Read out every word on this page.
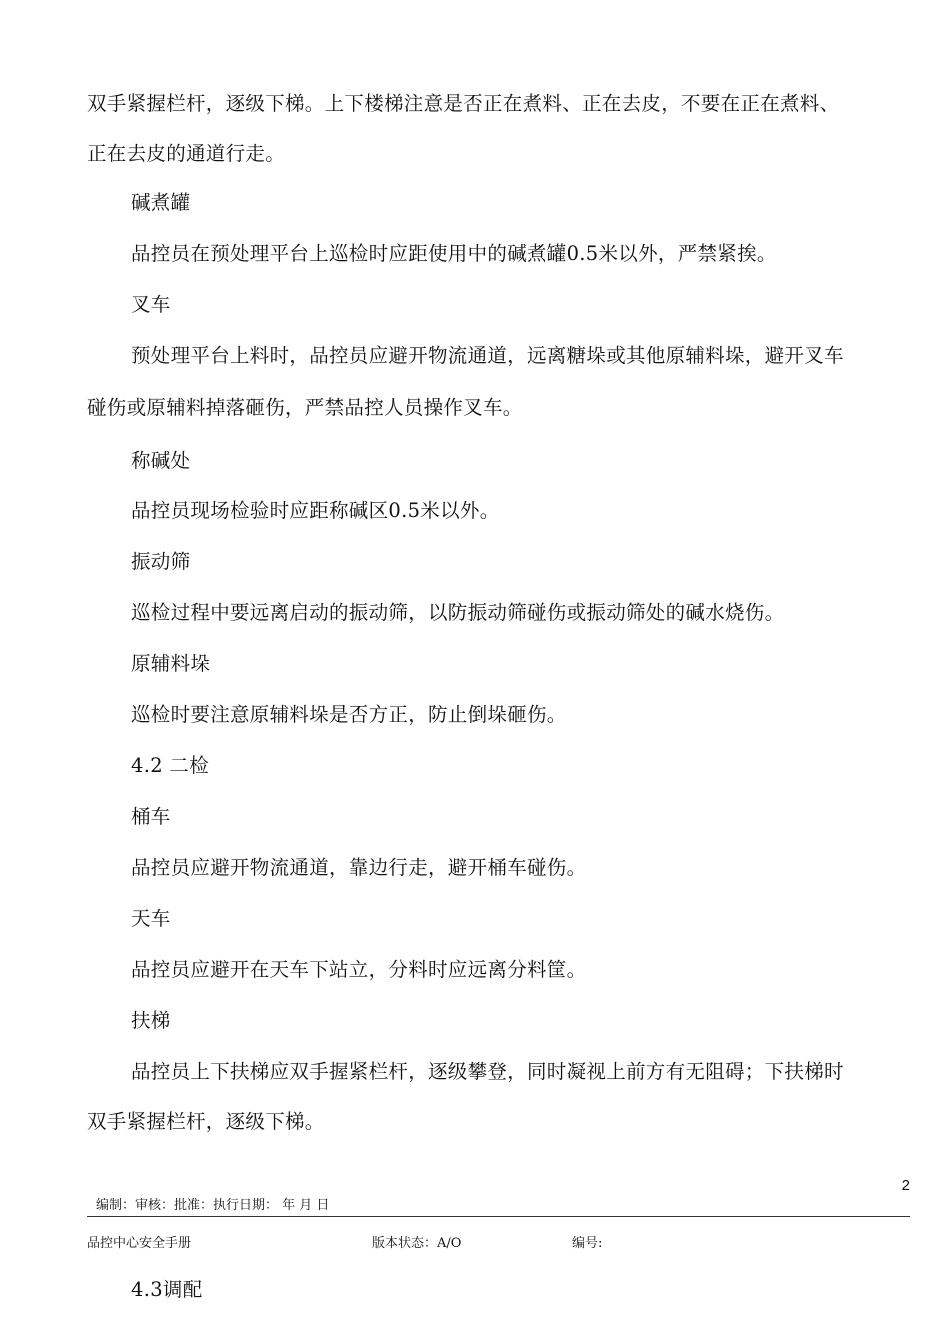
双手紧握栏杆，逐级下梯。上下楼梯注意是否正在煮料、正在去皮，不要在正在煮料、
正在去皮的通道行走。
碱煮罐
品控员在预处理平台上巡检时应距使用中的碱煮罐0.5米以外，严禁紧挨。
叉车
预处理平台上料时，品控员应避开物流通道，远离糖垛或其他原辅料垛，避开叉车
碰伤或原辅料掉落砸伤，严禁品控人员操作叉车。
称碱处
品控员现场检验时应距称碱区0.5米以外。
振动筛
巡检过程中要远离启动的振动筛，以防振动筛碰伤或振动筛处的碱水烧伤。
原辅料垛
巡检时要注意原辅料垛是否方正，防止倒垛砸伤。
4.2 二检
桶车
品控员应避开物流通道，靠边行走，避开桶车碰伤。
天车
品控员应避开在天车下站立，分料时应远离分料筐。
扶梯
品控员上下扶梯应双手握紧栏杆，逐级攀登，同时凝视上前方有无阻碍；下扶梯时
双手紧握栏杆，逐级下梯。
2
编制：审核：批准：执行日期： 年 月 日
品控中心安全手册	版本状态：A/O	编号:
4.3调配
